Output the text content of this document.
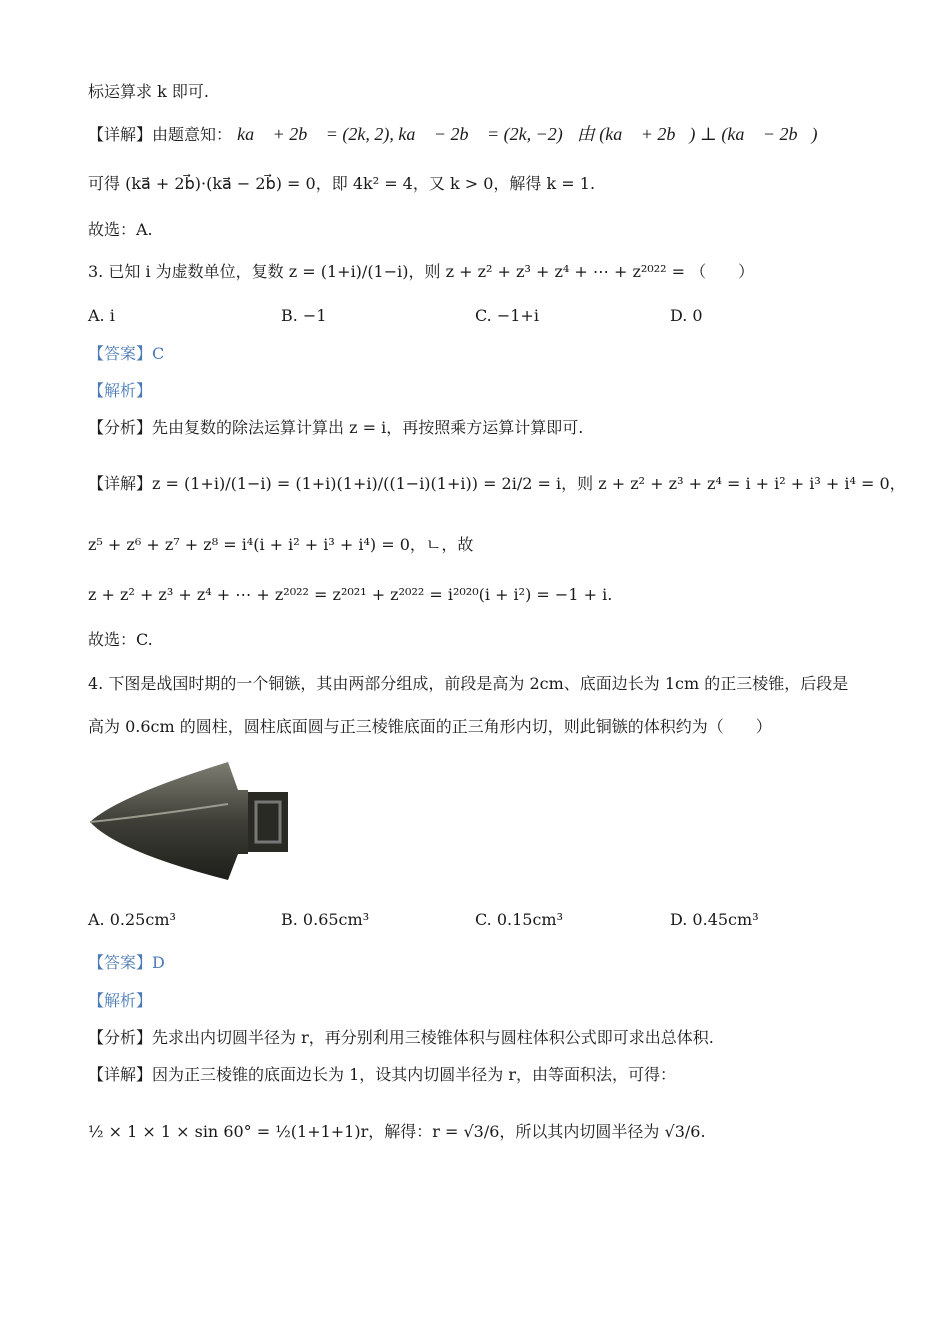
标运算求 k 即可.
【详解】由题意知： ka⃗ + 2b⃗ = (2k, 2), ka⃗ − 2b⃗ = (2k, −2)，由 (ka⃗ + 2b⃗) ⊥ (ka⃗ − 2b⃗)
可得 (ka⃗ + 2b⃗)·(ka⃗ − 2b⃗) = 0，即 4k² = 4，又 k > 0，解得 k = 1.
故选：A.
3. 已知 i 为虚数单位，复数 z = (1+i)/(1−i)，则 z + z² + z³ + z⁴ + ⋯ + z²⁰²² = （　　）
A. i	B. −1	C. −1+i	D. 0
【答案】C
【解析】
【分析】先由复数的除法运算计算出 z = i，再按照乘方运算计算即可.
【详解】z = (1+i)/(1−i) = (1+i)(1+i)/((1−i)(1+i)) = 2i/2 = i，则 z + z² + z³ + z⁴ = i + i² + i³ + i⁴ = 0，
z⁵ + z⁶ + z⁷ + z⁸ = i⁴(i + i² + i³ + i⁴) = 0，ㄴ，故
z + z² + z³ + z⁴ + ⋯ + z²⁰²² = z²⁰²¹ + z²⁰²² = i²⁰²⁰(i + i²) = −1 + i.
故选：C.
4. 下图是战国时期的一个铜镞，其由两部分组成，前段是高为 2cm、底面边长为 1cm 的正三棱锥，后段是
高为 0.6cm 的圆柱，圆柱底面圆与正三棱锥底面的正三角形内切，则此铜镞的体积约为（　　）
A. 0.25cm³	B. 0.65cm³	C. 0.15cm³	D. 0.45cm³
【答案】D
【解析】
【分析】先求出内切圆半径为 r，再分别利用三棱锥体积与圆柱体积公式即可求出总体积.
【详解】因为正三棱锥的底面边长为 1，设其内切圆半径为 r，由等面积法，可得：
½ × 1 × 1 × sin 60° = ½(1+1+1)r，解得：r = √3/6，所以其内切圆半径为 √3/6.
